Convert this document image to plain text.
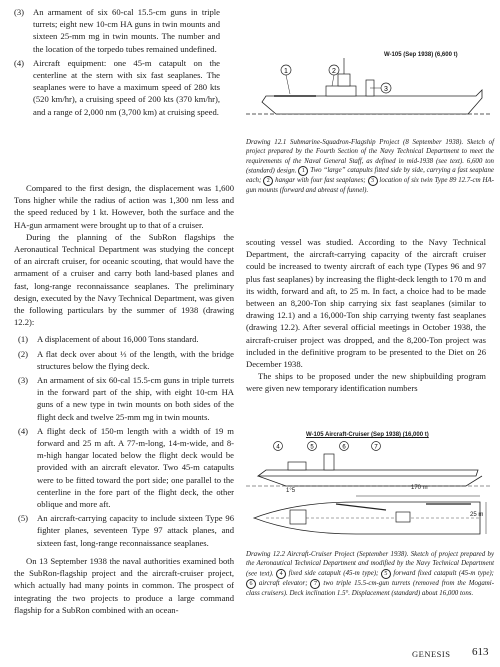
(3) An armament of six 60-cal 15.5-cm guns in triple turrets; eight new 10-cm HA guns in twin mounts and sixteen 25-mm mg in twin mounts. The number and the location of the torpedo tubes remained undefined.
(4) Aircraft equipment: one 45-m catapult on the centerline at the stern with six fast seaplanes. The seaplanes were to have a maximum speed of 280 kts (520 km/hr), a cruising speed of 200 kts (370 km/hr), and a range of 2,000 nm (3,700 km) at cruising speed.

Compared to the first design, the displacement was 1,600 Tons higher while the radius of action was 1,300 nm less and the speed reduced by 1 kt. However, both the surface and the HA-gun armament were brought up to that of a cruiser.

During the planning of the SubRon flagships the Aeronautical Technical Department was studying the concept of an aircraft cruiser, for oceanic scouting, that would have the armament of a cruiser and carry both land-based planes and fast, long-range reconnaissance seaplanes. The preliminary design, executed by the Navy Technical Department, was given the following particulars by the summer of 1938 (drawing 12.2):

(1) A displacement of about 16,000 Tons standard.
(2) A flat deck over about ⅓ of the length, with the bridge structures below the flying deck.
(3) An armament of six 60-cal 15.5-cm guns in triple turrets in the forward part of the ship, with eight 10-cm HA guns of a new type in twin mounts on both sides of the flight deck and twelve 25-mm mg in twin mounts.
(4) A flight deck of 150-m length with a width of 19 m forward and 25 m aft. A 77-m-long, 14-m-wide, and 8-m-high hangar located below the flight deck would be provided with an aircraft elevator. Two 45-m catapults were to be fitted toward the port side; one parallel to the centerline in the fore part of the flight deck, the other oblique and more aft.
(5) An aircraft-carrying capacity to include sixteen Type 96 fighter planes, seventeen Type 97 attack planes, and sixteen fast, long-range reconnaissance seaplanes.

On 13 September 1938 the naval authorities examined both the SubRon-flagship project and the aircraft-cruiser project, which actually had many points in common. The prospect of integrating the two projects to produce a large command flagship for a SubRon combined with an ocean-

W-105 (Sep 1938) (6,600 t)
1	2
3
Drawing 12.1 Submarine-Squadron-Flagship Project (8 September 1938). Sketch of project prepared by the Fourth Section of the Navy Technical Department to meet the requirements of the Naval General Staff, as defined in mid-1938 (see text). 6,600 ton (standard) design. 1 Two “large” catapults fitted side by side, carrying a fast seaplane each; 2 hangar with four fast seaplanes; 3 location of six twin Type 89 12.7-cm HA-gun mounts (forward and abreast of funnel).

scouting vessel was studied. According to the Navy Technical Department, the aircraft-carrying capacity of the aircraft cruiser could be increased to twenty aircraft of each type (Types 96 and 97 plus fast seaplanes) by increasing the flight-deck length to 170 m and its width, forward and aft, to 25 m. In fact, a choice had to be made between an 8,200-Ton ship carrying six fast seaplanes (similar to drawing 12.1) and a 16,000-Ton ship carrying twenty fast seaplanes (drawing 12.2). After several official meetings in October 1938, the aircraft-cruiser project was dropped, and the 8,200-Ton project was included in the definitive program to be presented to the Diet on 26 December 1938.

The ships to be proposed under the new shipbuilding program were given new temporary identification numbers

W-105 Aircraft-Cruiser (Sep 1938) (16,000 t)
4	5	6	7
170 m
25 m
1°5
Drawing 12.2 Aircraft-Cruiser Project (September 1938). Sketch of project prepared by the Aeronautical Technical Department and modified by the Navy Technical Department (see text). 4 fixed side catapult (45-m type); 5 forward fixed catapult (45-m type); 6 aircraft elevator; 7 two triple 15.5-cm-gun turrets (removed from the Mogami-class cruisers). Deck inclination 1.5°. Displacement (standard) about 16,000 tons.
GENESIS 613
